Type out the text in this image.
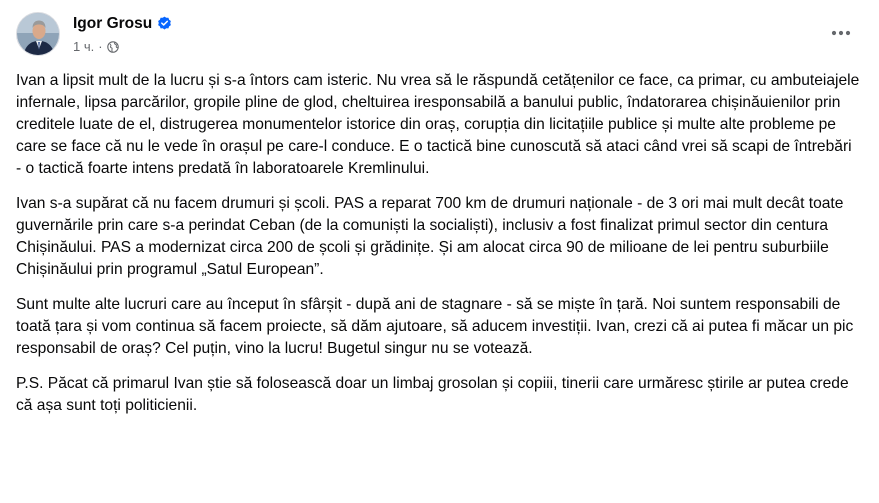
Igor Grosu
1 ч. ·

Ivan a lipsit mult de la lucru și s-a întors cam isteric. Nu vrea să le răspundă cetățenilor ce face, ca primar, cu ambuteiajele infernale, lipsa parcărilor, gropile pline de glod, cheltuirea iresponsabilă a banului public, îndatorarea chișinăuienilor prin creditele luate de el, distrugerea monumentelor istorice din oraș, corupția din licitațiile publice și multe alte probleme pe care se face că nu le vede în orașul pe care-l conduce. E o tactică bine cunoscută să ataci când vrei să scapi de întrebări - o tactică foarte intens predată în laboratoarele Kremlinului.

Ivan s-a supărat că nu facem drumuri și școli. PAS a reparat 700 km de drumuri naționale - de 3 ori mai mult decât toate guvernările prin care s-a perindat Ceban (de la comuniști la socialiști), inclusiv a fost finalizat primul sector din centura Chișinăului. PAS a modernizat circa 200 de școli și grădinițe. Și am alocat circa 90 de milioane de lei pentru suburbiile Chișinăului prin programul „Satul European”.

Sunt multe alte lucruri care au început în sfârșit - după ani de stagnare - să se miște în țară. Noi suntem responsabili de toată țara și vom continua să facem proiecte, să dăm ajutoare, să aducem investiții. Ivan, crezi că ai putea fi măcar un pic responsabil de oraș? Cel puțin, vino la lucru! Bugetul singur nu se votează.

P.S. Păcat că primarul Ivan știe să folosească doar un limbaj grosolan și copiii, tinerii care urmăresc știrile ar putea crede că așa sunt toți politicienii.
